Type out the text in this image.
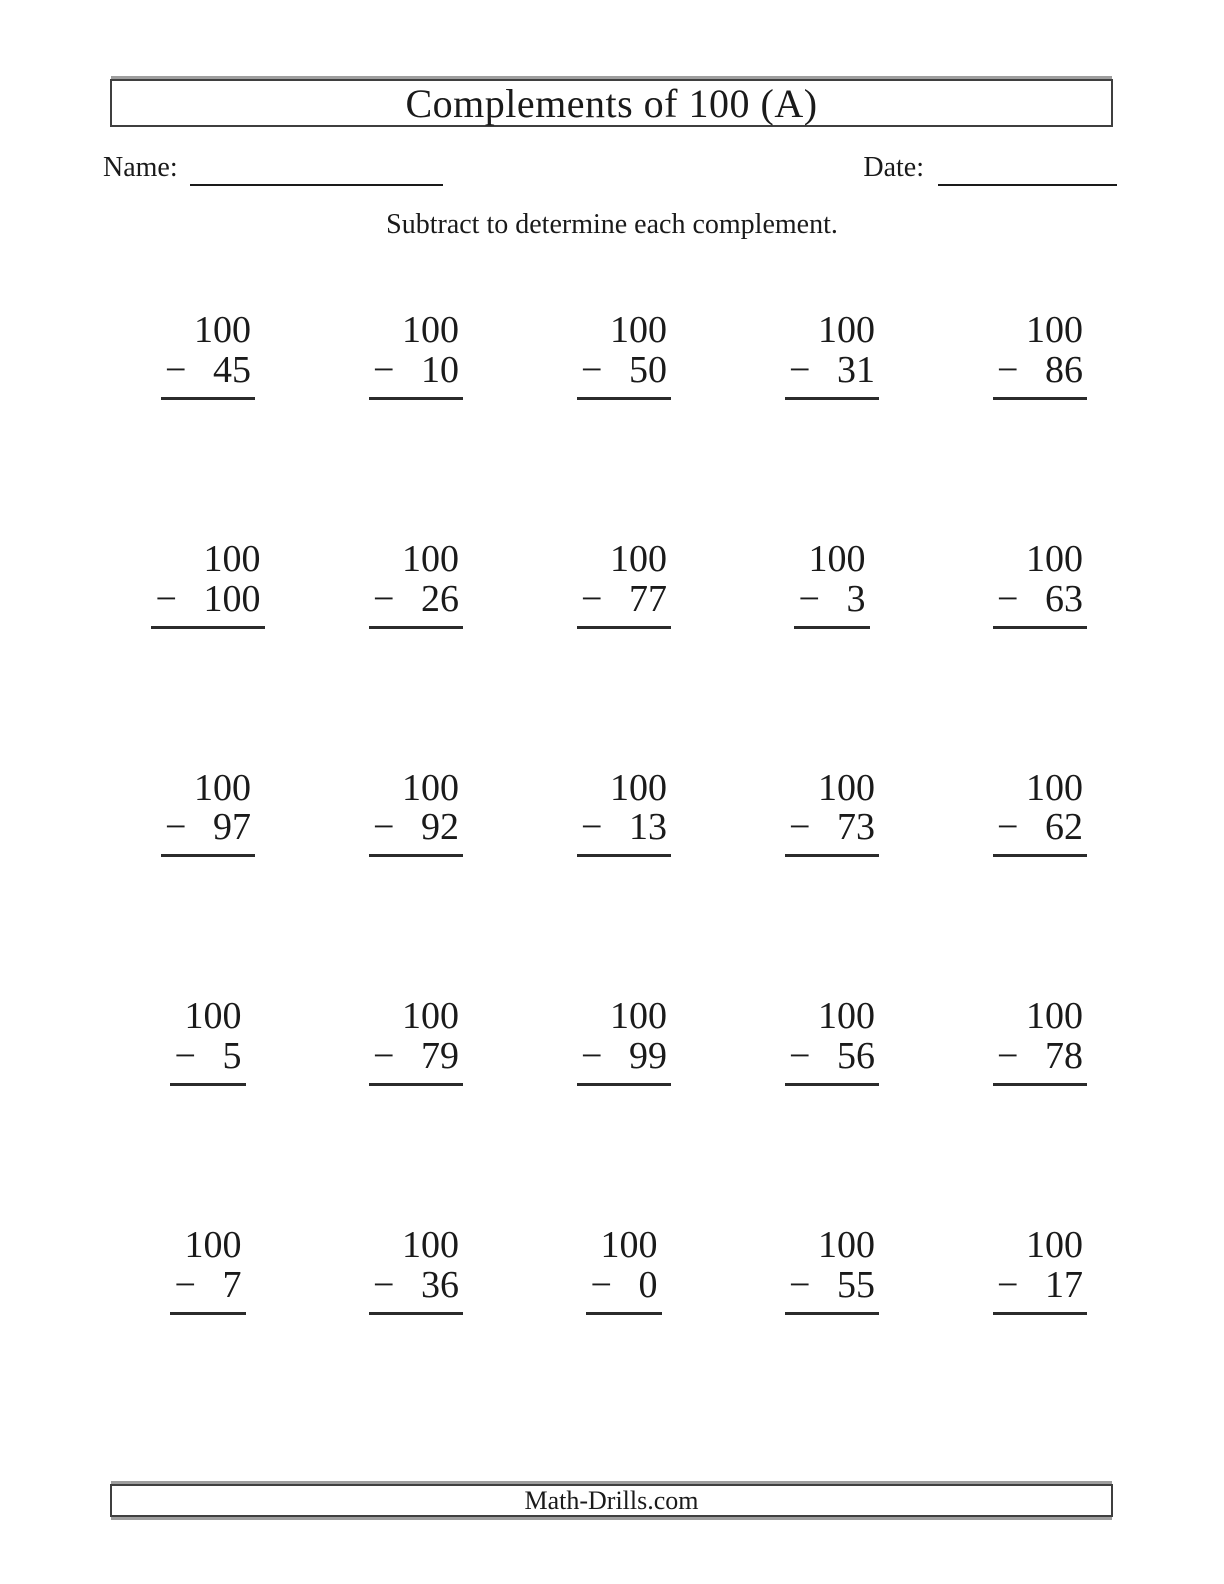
Complements of 100 (A)
Name:	Date:
Subtract to determine each complement.
100
− 45
100
− 10
100
− 50
100
− 31
100
− 86
100
− 100
100
− 26
100
− 77
100
− 3
100
− 63
100
− 97
100
− 92
100
− 13
100
− 73
100
− 62
100
− 5
100
− 79
100
− 99
100
− 56
100
− 78
100
− 7
100
− 36
100
− 0
100
− 55
100
− 17
Math-Drills.com
